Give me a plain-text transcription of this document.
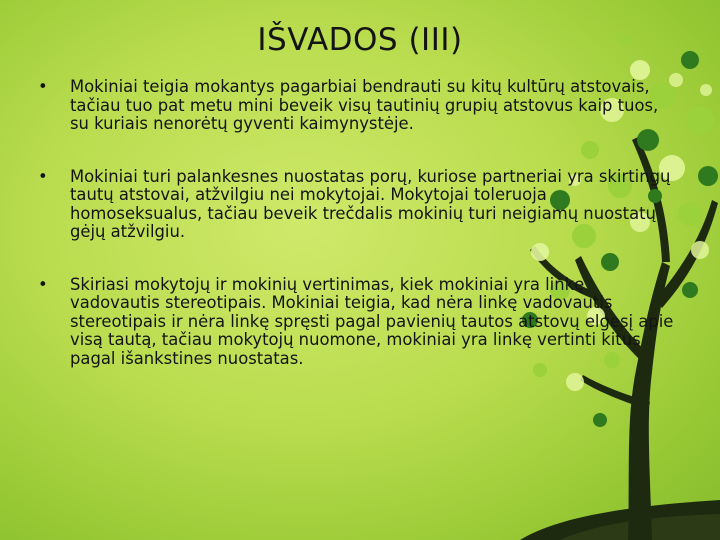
IŠVADOS (III)
• Mokiniai teigia mokantys pagarbiai bendrauti su kitų kultūrų atstovais, tačiau tuo pat metu mini beveik visų tautinių grupių atstovus kaip tuos, su kuriais nenorėtų gyventi kaimynystėje.
• Mokiniai turi palankesnes nuostatas porų, kuriose partneriai yra skirtingų tautų atstovai, atžvilgiu nei mokytojai. Mokytojai toleruoja homoseksualus, tačiau beveik trečdalis mokinių turi neigiamų nuostatų gėjų atžvilgiu.
• Skiriasi mokytojų ir mokinių vertinimas, kiek mokiniai yra linkę vadovautis stereotipais. Mokiniai teigia, kad nėra linkę vadovautis stereotipais ir nėra linkę spręsti pagal pavienių tautos atstovų elgesį apie visą tautą, tačiau mokytojų nuomone, mokiniai yra linkę vertinti kitus pagal išankstines nuostatas.
